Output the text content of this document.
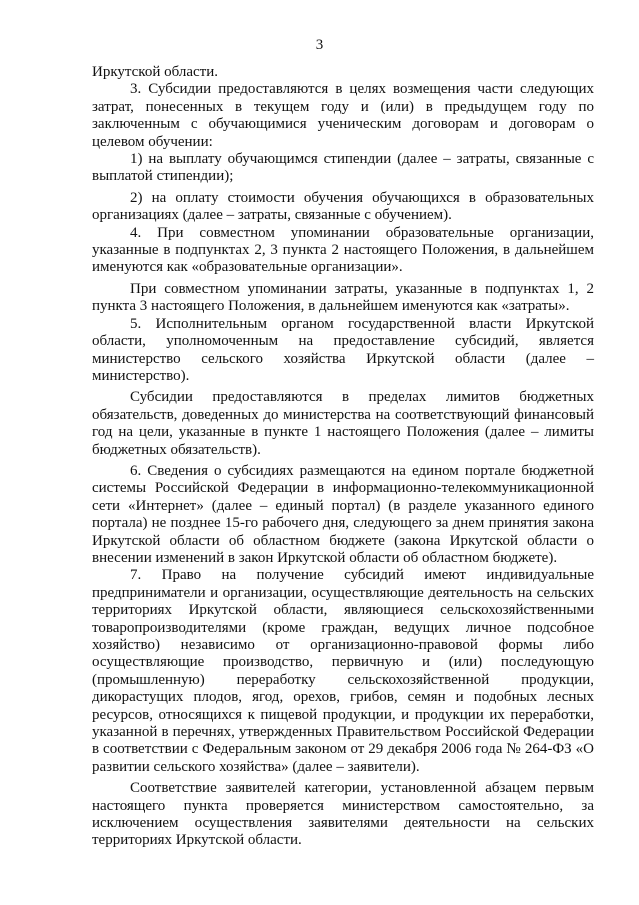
3

Иркутской области.

3. Субсидии предоставляются в целях возмещения части следующих затрат, понесенных в текущем году и (или) в предыдущем году по заключенным с обучающимися ученическим договорам и договорам о целевом обучении:

1) на выплату обучающимся стипендии (далее – затраты, связанные с выплатой стипендии);

2) на оплату стоимости обучения обучающихся в образовательных организациях (далее – затраты, связанные с обучением).

4. При совместном упоминании образовательные организации, указанные в подпунктах 2, 3 пункта 2 настоящего Положения, в дальнейшем именуются как «образовательные организации».

При совместном упоминании затраты, указанные в подпунктах 1, 2 пункта 3 настоящего Положения, в дальнейшем именуются как «затраты».

5. Исполнительным органом государственной власти Иркутской области, уполномоченным на предоставление субсидий, является министерство сельского хозяйства Иркутской области (далее – министерство).

Субсидии предоставляются в пределах лимитов бюджетных обязательств, доведенных до министерства на соответствующий финансовый год на цели, указанные в пункте 1 настоящего Положения (далее – лимиты бюджетных обязательств).

6. Сведения о субсидиях размещаются на едином портале бюджетной системы Российской Федерации в информационно-телекоммуникационной сети «Интернет» (далее – единый портал) (в разделе указанного единого портала) не позднее 15-го рабочего дня, следующего за днем принятия закона Иркутской области об областном бюджете (закона Иркутской области о внесении изменений в закон Иркутской области об областном бюджете).

7. Право на получение субсидий имеют индивидуальные предприниматели и организации, осуществляющие деятельность на сельских территориях Иркутской области, являющиеся сельскохозяйственными товаропроизводителями (кроме граждан, ведущих личное подсобное хозяйство) независимо от организационно-правовой формы либо осуществляющие производство, первичную и (или) последующую (промышленную) переработку сельскохозяйственной продукции, дикорастущих плодов, ягод, орехов, грибов, семян и подобных лесных ресурсов, относящихся к пищевой продукции, и продукции их переработки, указанной в перечнях, утвержденных Правительством Российской Федерации в соответствии с Федеральным законом от 29 декабря 2006 года № 264-ФЗ «О развитии сельского хозяйства» (далее – заявители).

Соответствие заявителей категории, установленной абзацем первым настоящего пункта проверяется министерством самостоятельно, за исключением осуществления заявителями деятельности на сельских территориях Иркутской области.
